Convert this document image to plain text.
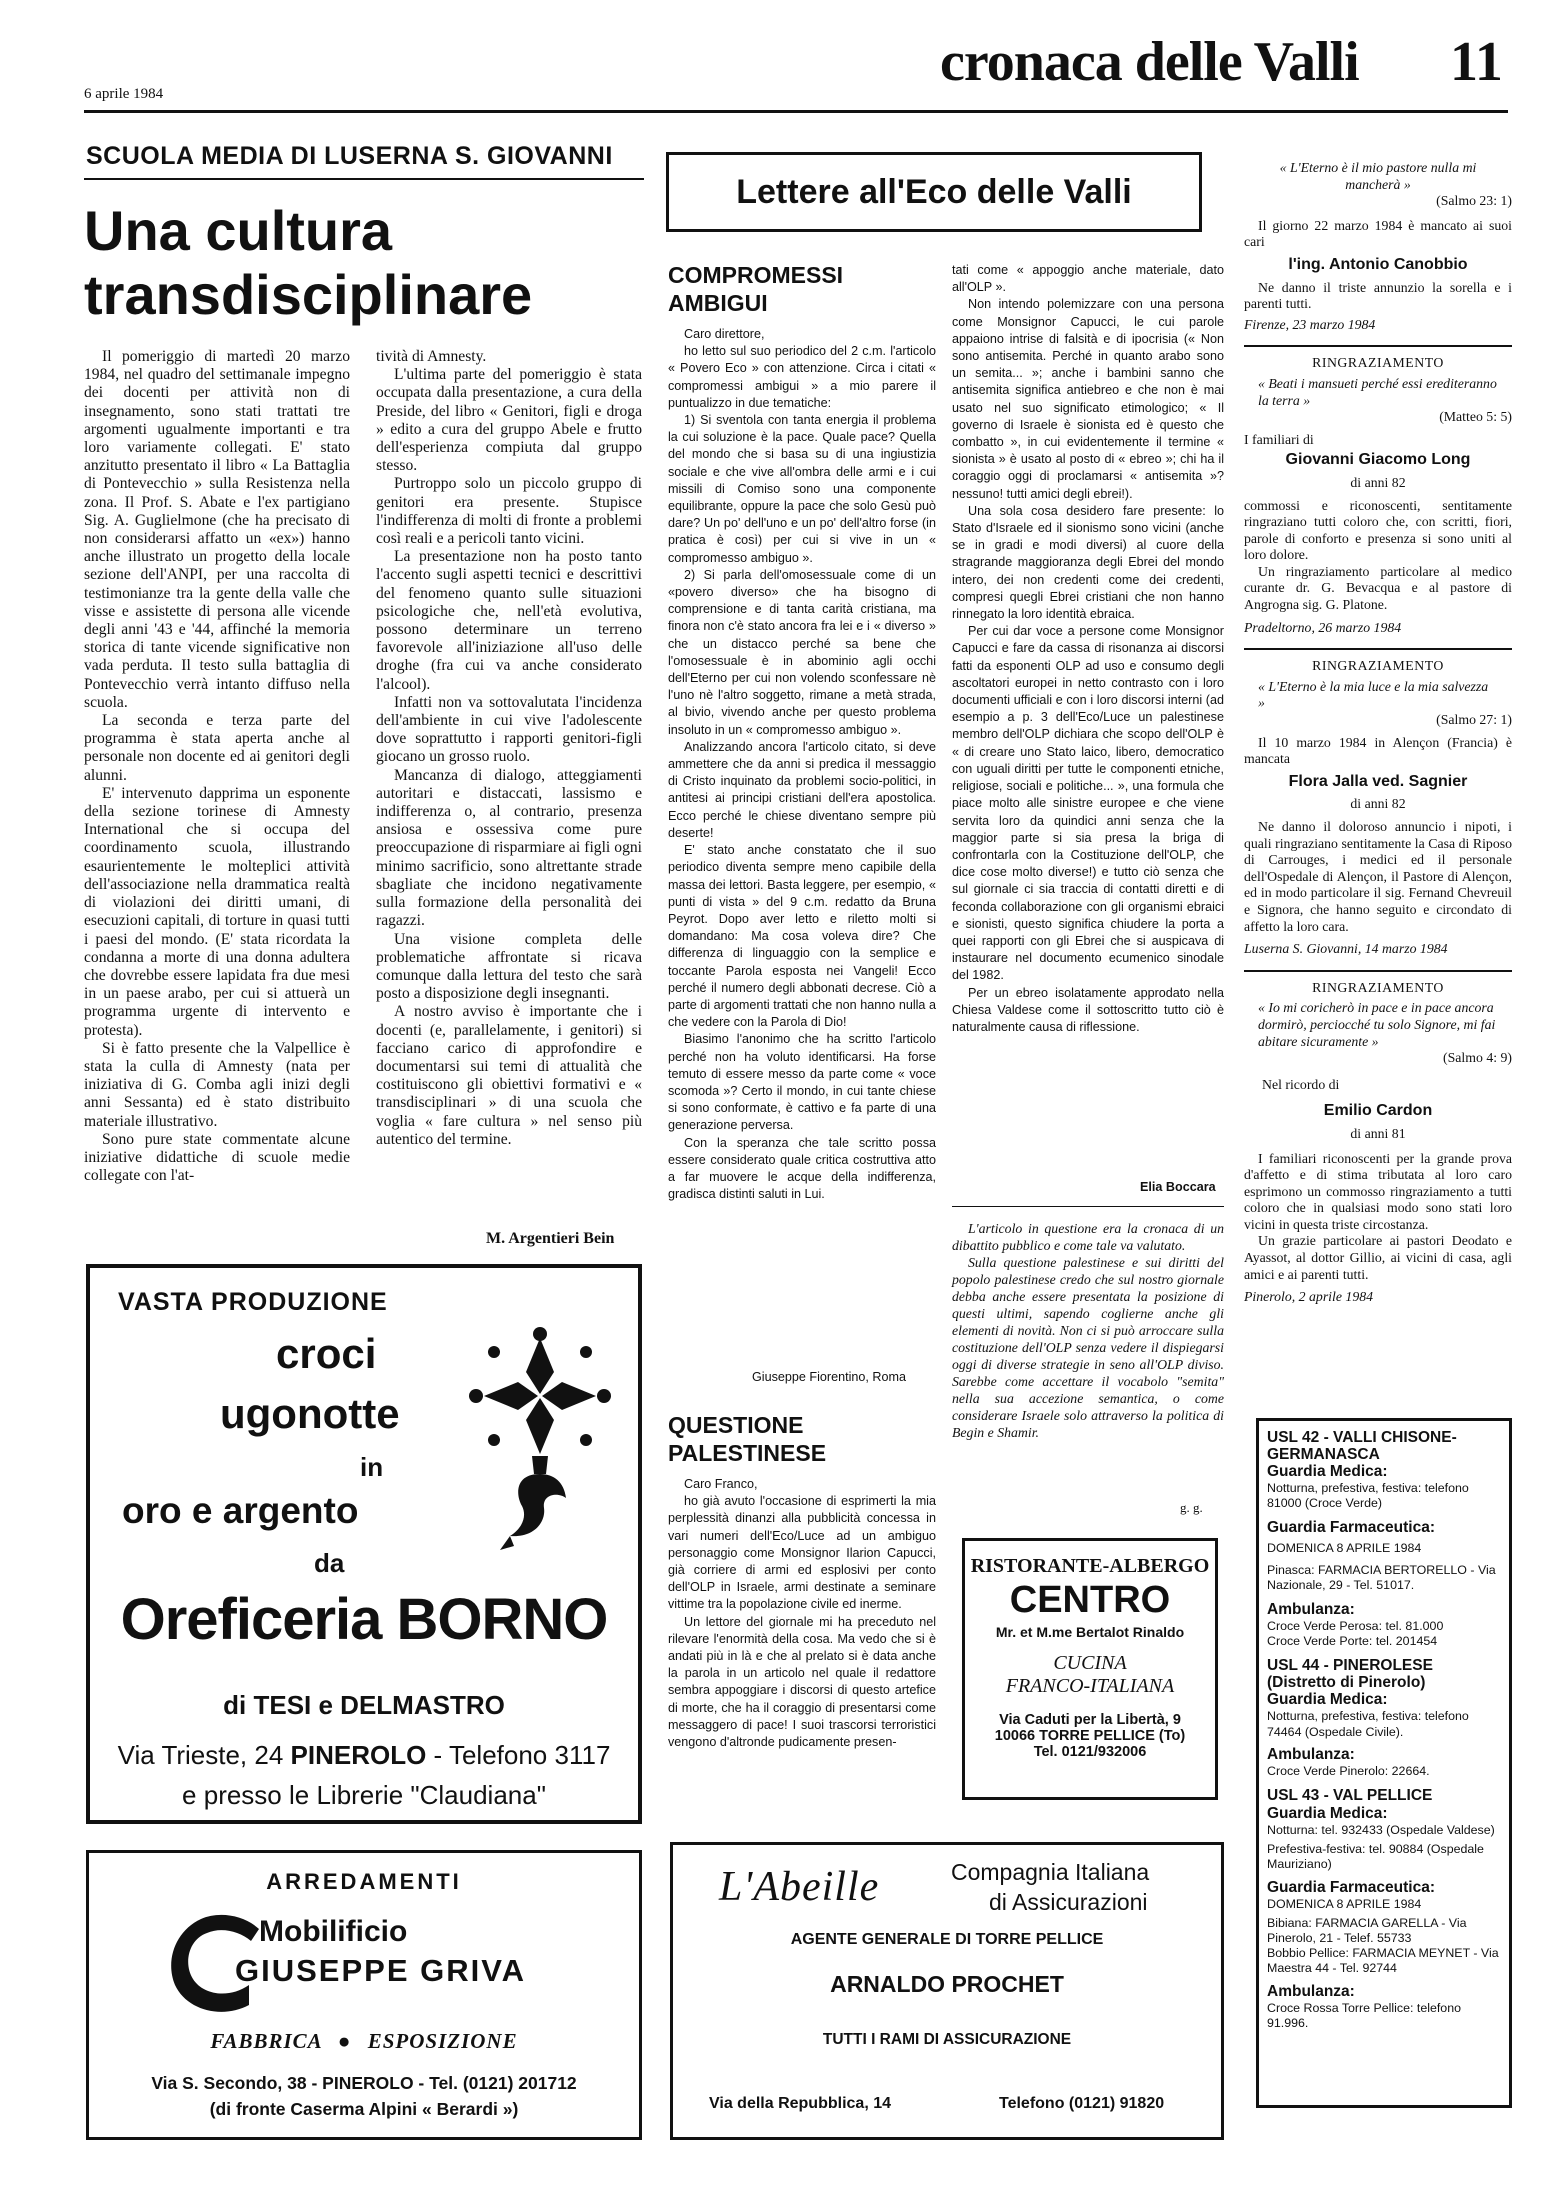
6 aprile 1984
cronaca delle Valli 11
SCUOLA MEDIA DI LUSERNA S. GIOVANNI
Una cultura
transdisciplinare

Il pomeriggio di martedì 20 marzo 1984, nel quadro del settimanale impegno dei docenti per attività non di insegnamento, sono stati trattati tre argomenti ugualmente importanti e tra loro variamente collegati. E' stato anzitutto presentato il libro « La Battaglia di Pontevecchio » sulla Resistenza nella zona. Il Prof. S. Abate e l'ex partigiano Sig. A. Guglielmone (che ha precisato di non considerarsi affatto un «ex») hanno anche illustrato un progetto della locale sezione dell'ANPI, per una raccolta di testimonianze tra la gente della valle che visse e assistette di persona alle vicende degli anni '43 e '44, affinché la memoria storica di tante vicende significative non vada perduta. Il testo sulla battaglia di Pontevecchio verrà intanto diffuso nella scuola.

La seconda e terza parte del programma è stata aperta anche al personale non docente ed ai genitori degli alunni.

E' intervenuto dapprima un esponente della sezione torinese di Amnesty International che si occupa del coordinamento scuola, illustrando esaurientemente le molteplici attività dell'associazione nella drammatica realtà di violazioni dei diritti umani, di esecuzioni capitali, di torture in quasi tutti i paesi del mondo. (E' stata ricordata la condanna a morte di una donna adultera che dovrebbe essere lapidata fra due mesi in un paese arabo, per cui si attuerà un programma urgente di intervento e protesta).

Si è fatto presente che la Valpellice è stata la culla di Amnesty (nata per iniziativa di G. Comba agli inizi degli anni Sessanta) ed è stato distribuito materiale illustrativo.

Sono pure state commentate alcune iniziative didattiche di scuole medie collegate con l'at-

tività di Amnesty.

L'ultima parte del pomeriggio è stata occupata dalla presentazione, a cura della Preside, del libro « Genitori, figli e droga » edito a cura del gruppo Abele e frutto dell'esperienza compiuta dal gruppo stesso.

Purtroppo solo un piccolo gruppo di genitori era presente. Stupisce l'indifferenza di molti di fronte a problemi così reali e a pericoli tanto vicini.

La presentazione non ha posto tanto l'accento sugli aspetti tecnici e descrittivi del fenomeno quanto sulle situazioni psicologiche che, nell'età evolutiva, possono determinare un terreno favorevole all'iniziazione all'uso delle droghe (fra cui va anche considerato l'alcool).

Infatti non va sottovalutata l'incidenza dell'ambiente in cui vive l'adolescente dove soprattutto i rapporti genitori-figli giocano un grosso ruolo.

Mancanza di dialogo, atteggiamenti autoritari e distaccati, lassismo e indifferenza o, al contrario, presenza ansiosa e ossessiva come pure preoccupazione di risparmiare ai figli ogni minimo sacrificio, sono altrettante strade sbagliate che incidono negativamente sulla formazione della personalità dei ragazzi.

Una visione completa delle problematiche affrontate si ricava comunque dalla lettura del testo che sarà posto a disposizione degli insegnanti.

A nostro avviso è importante che i docenti (e, parallelamente, i genitori) si facciano carico di approfondire e documentarsi sui temi di attualità che costituiscono gli obiettivi formativi e « transdisciplinari » di una scuola che voglia « fare cultura » nel senso più autentico del termine.

M. Argentieri Bein
Lettere all'Eco delle Valli
COMPROMESSI
AMBIGUI

Caro direttore,

ho letto sul suo periodico del 2 c.m. l'articolo « Povero Eco » con attenzione. Circa i citati « compromessi ambigui » a mio parere il puntualizzo in due tematiche:

1) Si sventola con tanta energia il problema la cui soluzione è la pace. Quale pace? Quella del mondo che si basa su di una ingiustizia sociale e che vive all'ombra delle armi e i cui missili di Comiso sono una componente equilibrante, oppure la pace che solo Gesù può dare? Un po' dell'uno e un po' dell'altro forse (in pratica è così) per cui si vive in un « compromesso ambiguo ».

2) Si parla dell'omosessuale come di un «povero diverso» che ha bisogno di comprensione e di tanta carità cristiana, ma finora non c'è stato ancora fra lei e i « diverso » che un distacco perché sa bene che l'omosessuale è in abominio agli occhi dell'Eterno per cui non volendo sconfessare nè l'uno nè l'altro soggetto, rimane a metà strada, al bivio, vivendo anche per questo problema insoluto in un « compromesso ambiguo ».

Analizzando ancora l'articolo citato, si deve ammettere che da anni si predica il messaggio di Cristo inquinato da problemi socio-politici, in antitesi ai principi cristiani dell'era apostolica. Ecco perché le chiese diventano sempre più deserte!

E' stato anche constatato che il suo periodico diventa sempre meno capibile della massa dei lettori. Basta leggere, per esempio, « punti di vista » del 9 c.m. redatto da Bruna Peyrot. Dopo aver letto e riletto molti si domandano: Ma cosa voleva dire? Che differenza di linguaggio con la semplice e toccante Parola esposta nei Vangeli! Ecco perché il numero degli abbonati decrese. Ciò a parte di argomenti trattati che non hanno nulla a che vedere con la Parola di Dio!

Biasimo l'anonimo che ha scritto l'articolo perché non ha voluto identificarsi. Ha forse temuto di essere messo da parte come « voce scomoda »? Certo il mondo, in cui tante chiese si sono conformate, è cattivo e fa parte di una generazione perversa.

Con la speranza che tale scritto possa essere considerato quale critica costruttiva atto a far muovere le acque della indifferenza, gradisca distinti saluti in Lui.

Giuseppe Fiorentino, Roma
QUESTIONE
PALESTINESE

Caro Franco,

ho già avuto l'occasione di esprimerti la mia perplessità dinanzi alla pubblicità concessa in vari numeri dell'Eco/Luce ad un ambiguo personaggio come Monsignor Ilarion Capucci, già corriere di armi ed esplosivi per conto dell'OLP in Israele, armi destinate a seminare vittime tra la popolazione civile ed inerme.

Un lettore del giornale mi ha preceduto nel rilevare l'enormità della cosa. Ma vedo che si è andati più in là e che al prelato si è data anche la parola in un articolo nel quale il redattore sembra appoggiare i discorsi di questo artefice di morte, che ha il coraggio di presentarsi come messaggero di pace! I suoi trascorsi terroristici vengono d'altronde pudicamente presen-

tati come « appoggio anche materiale, dato all'OLP ».

Non intendo polemizzare con una persona come Monsignor Capucci, le cui parole appaiono intrise di falsità e di ipocrisia (« Non sono antisemita. Perché in quanto arabo sono un semita... »; anche i bambini sanno che antisemita significa antiebreo e che non è mai usato nel suo significato etimologico; « Il governo di Israele è sionista ed è questo che combatto », in cui evidentemente il termine « sionista » è usato al posto di « ebreo »; chi ha il coraggio oggi di proclamarsi « antisemita »? nessuno! tutti amici degli ebrei!).

Una sola cosa desidero fare presente: lo Stato d'Israele ed il sionismo sono vicini (anche se in gradi e modi diversi) al cuore della stragrande maggioranza degli Ebrei del mondo intero, dei non credenti come dei credenti, compresi quegli Ebrei cristiani che non hanno rinnegato la loro identità ebraica.

Per cui dar voce a persone come Monsignor Capucci e fare da cassa di risonanza ai discorsi fatti da esponenti OLP ad uso e consumo degli ascoltatori europei in netto contrasto con i loro documenti ufficiali e con i loro discorsi interni (ad esempio a p. 3 dell'Eco/Luce un palestinese membro dell'OLP dichiara che scopo dell'OLP è « di creare uno Stato laico, libero, democratico con uguali diritti per tutte le componenti etniche, religiose, sociali e politiche... », una formula che piace molto alle sinistre europee e che viene servita loro da quindici anni senza che la maggior parte si sia presa la briga di confrontarla con la Costituzione dell'OLP, che dice cose molto diverse!) e tutto ciò senza che sul giornale ci sia traccia di contatti diretti e di feconda collaborazione con gli organismi ebraici e sionisti, questo significa chiudere la porta a quei rapporti con gli Ebrei che si auspicava di instaurare nel documento ecumenico sinodale del 1982.

Per un ebreo isolatamente approdato nella Chiesa Valdese come il sottoscritto tutto ciò è naturalmente causa di riflessione.

Elia Boccara

L'articolo in questione era la cronaca di un dibattito pubblico e come tale va valutato.

Sulla questione palestinese e sui diritti del popolo palestinese credo che sul nostro giornale debba anche essere presentata la posizione di questi ultimi, sapendo coglierne anche gli elementi di novità. Non ci si può arroccare sulla costituzione dell'OLP senza vedere il dispiegarsi oggi di diverse strategie in seno all'OLP diviso. Sarebbe come accettare il vocabolo "semita" nella sua accezione semantica, o come considerare Israele solo attraverso la politica di Begin e Shamir.

g. g.
RISTORANTE-ALBERGO
CENTRO
Mr. et M.me Bertalot Rinaldo
CUCINA
FRANCO-ITALIANA
Via Caduti per la Libertà, 9
10066 TORRE PELLICE (To)
Tel. 0121/932006
« L'Eterno è il mio pastore nulla mi mancherà »
(Salmo 23: 1)
Il giorno 22 marzo 1984 è mancato ai suoi cari
l'ing. Antonio Canobbio
Ne danno il triste annunzio la sorella e i parenti tutti.
Firenze, 23 marzo 1984
RINGRAZIAMENTO
« Beati i mansueti perché essi erediteranno la terra »
(Matteo 5: 5)
I familiari di
Giovanni Giacomo Long
di anni 82
commossi e riconoscenti, sentitamente ringraziano tutti coloro che, con scritti, fiori, parole di conforto e presenza si sono uniti al loro dolore.
Un ringraziamento particolare al medico curante dr. G. Bevacqua e al pastore di Angrogna sig. G. Platone.
Pradeltorno, 26 marzo 1984
RINGRAZIAMENTO
« L'Eterno è la mia luce e la mia salvezza »
(Salmo 27: 1)
Il 10 marzo 1984 in Alençon (Francia) è mancata
Flora Jalla ved. Sagnier
di anni 82
Ne danno il doloroso annuncio i nipoti, i quali ringraziano sentitamente la Casa di Riposo di Carrouges, i medici ed il personale dell'Ospedale di Alençon, il Pastore di Alençon, ed in modo particolare il sig. Fernand Chevreuil e Signora, che hanno seguito e circondato di affetto la loro cara.
Luserna S. Giovanni, 14 marzo 1984
RINGRAZIAMENTO
« Io mi coricherò in pace e in pace ancora dormirò, perciocché tu solo Signore, mi fai abitare sicuramente »
(Salmo 4: 9)
Nel ricordo di
Emilio Cardon
di anni 81
I familiari riconoscenti per la grande prova d'affetto e di stima tributata al loro caro esprimono un commosso ringraziamento a tutti coloro che in qualsiasi modo sono stati loro vicini in questa triste circostanza.
Un grazie particolare ai pastori Deodato e Ayassot, al dottor Gillio, ai vicini di casa, agli amici e ai parenti tutti.
Pinerolo, 2 aprile 1984
USL 42 - VALLI CHISONE-GERMANASCA
Guardia Medica:
Notturna, prefestiva, festiva: telefono 81000 (Croce Verde)
Guardia Farmaceutica:
DOMENICA 8 APRILE 1984
Pinasca: FARMACIA BERTORELLO - Via Nazionale, 29 - Tel. 51017.
Ambulanza:
Croce Verde Perosa: tel. 81.000
Croce Verde Porte: tel. 201454
USL 44 - PINEROLESE (Distretto di Pinerolo)
Guardia Medica:
Notturna, prefestiva, festiva: telefono 74464 (Ospedale Civile).
Ambulanza:
Croce Verde Pinerolo: 22664.
USL 43 - VAL PELLICE
Guardia Medica:
Notturna: tel. 932433 (Ospedale Valdese)
Prefestiva-festiva: tel. 90884 (Ospedale Mauriziano)
Guardia Farmaceutica:
DOMENICA 8 APRILE 1984
Bibiana: FARMACIA GARELLA - Via Pinerolo, 21 - Telef. 55733
Bobbio Pellice: FARMACIA MEYNET - Via Maestra 44 - Tel. 92744
Ambulanza:
Croce Rossa Torre Pellice: telefono 91.996.
VASTA PRODUZIONE
croci
ugonotte
in
oro e argento
da
Oreficeria BORNO
di TESI e DELMASTRO
Via Trieste, 24 PINEROLO - Telefono 3117
e presso le Librerie "Claudiana"
ARREDAMENTI
Mobilificio
GIUSEPPE GRIVA
FABBRICA ● ESPOSIZIONE
Via S. Secondo, 38 - PINEROLO - Tel. (0121) 201712
(di fronte Caserma Alpini « Berardi »)
L'Abeille	Compagnia Italiana
di Assicurazioni
AGENTE GENERALE DI TORRE PELLICE
ARNALDO PROCHET
TUTTI I RAMI DI ASSICURAZIONE
Via della Repubblica, 14	Telefono (0121) 91820
